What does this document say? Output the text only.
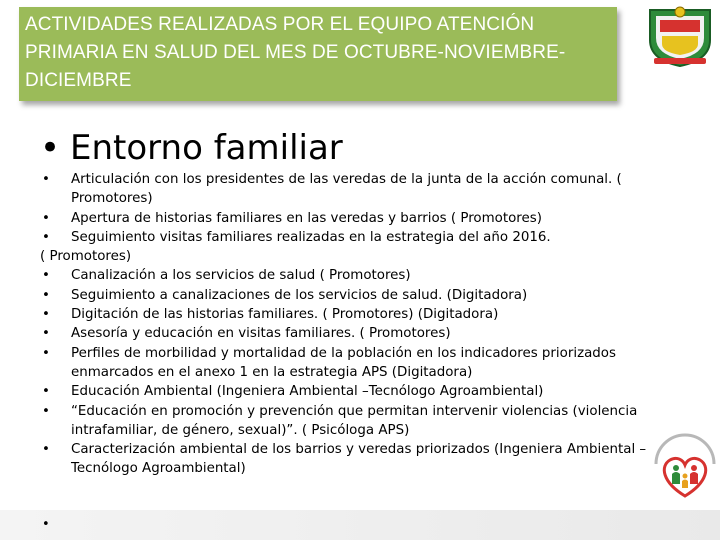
ACTIVIDADES REALIZADAS POR EL EQUIPO ATENCIÓN
PRIMARIA EN SALUD DEL MES DE OCTUBRE-NOVIEMBRE-
DICIEMBRE
• Entorno familiar
• Articulación con los presidentes de las veredas de la junta de la acción comunal. ( Promotores)
• Apertura de historias familiares en las veredas y barrios ( Promotores)
• Seguimiento visitas familiares realizadas en la estrategia del año 2016.
( Promotores)
• Canalización a los servicios de salud ( Promotores)
• Seguimiento a canalizaciones de los servicios de salud. (Digitadora)
• Digitación de las historias familiares. ( Promotores) (Digitadora)
• Asesoría y educación en visitas familiares. ( Promotores)
• Perfiles de morbilidad y mortalidad de la población en los indicadores priorizados enmarcados en el anexo 1 en la estrategia APS (Digitadora)
• Educación Ambiental (Ingeniera Ambiental –Tecnólogo Agroambiental)
• “Educación en promoción y prevención que permitan intervenir violencias (violencia intrafamiliar, de género, sexual)”. ( Psicóloga APS)
• Caracterización ambiental de los barrios y veredas priorizados (Ingeniera Ambiental –Tecnólogo Agroambiental)
•
